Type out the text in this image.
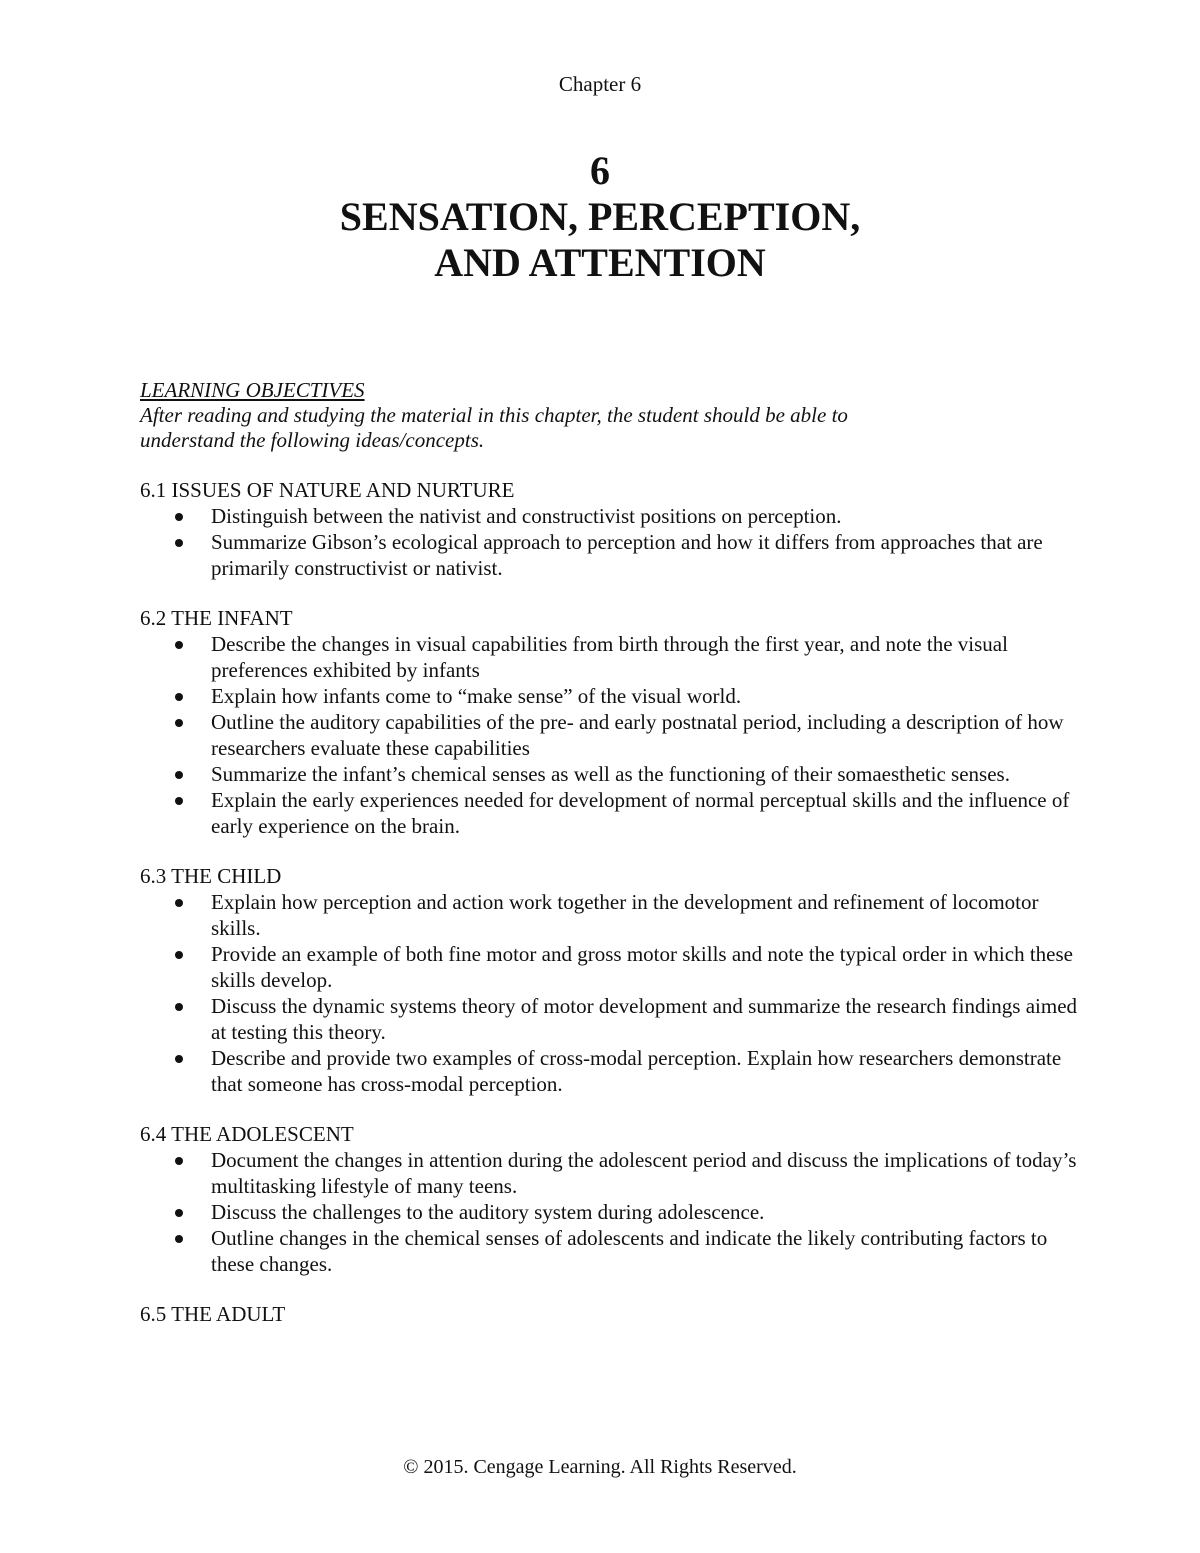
Chapter 6
6
SENSATION, PERCEPTION,
AND ATTENTION
LEARNING OBJECTIVES
After reading and studying the material in this chapter, the student should be able to
understand the following ideas/concepts.
6.1 ISSUES OF NATURE AND NURTURE
Distinguish between the nativist and constructivist positions on perception.
Summarize Gibson’s ecological approach to perception and how it differs from approaches that are primarily constructivist or nativist.
6.2 THE INFANT
Describe the changes in visual capabilities from birth through the first year, and note the visual preferences exhibited by infants
Explain how infants come to “make sense” of the visual world.
Outline the auditory capabilities of the pre- and early postnatal period, including a description of how researchers evaluate these capabilities
Summarize the infant’s chemical senses as well as the functioning of their somaesthetic senses.
Explain the early experiences needed for development of normal perceptual skills and the influence of early experience on the brain.
6.3 THE CHILD
Explain how perception and action work together in the development and refinement of locomotor skills.
Provide an example of both fine motor and gross motor skills and note the typical order in which these skills develop.
Discuss the dynamic systems theory of motor development and summarize the research findings aimed at testing this theory.
Describe and provide two examples of cross-modal perception. Explain how researchers demonstrate that someone has cross-modal perception.
6.4 THE ADOLESCENT
Document the changes in attention during the adolescent period and discuss the implications of today’s multitasking lifestyle of many teens.
Discuss the challenges to the auditory system during adolescence.
Outline changes in the chemical senses of adolescents and indicate the likely contributing factors to these changes.
6.5 THE ADULT
© 2015. Cengage Learning. All Rights Reserved.
